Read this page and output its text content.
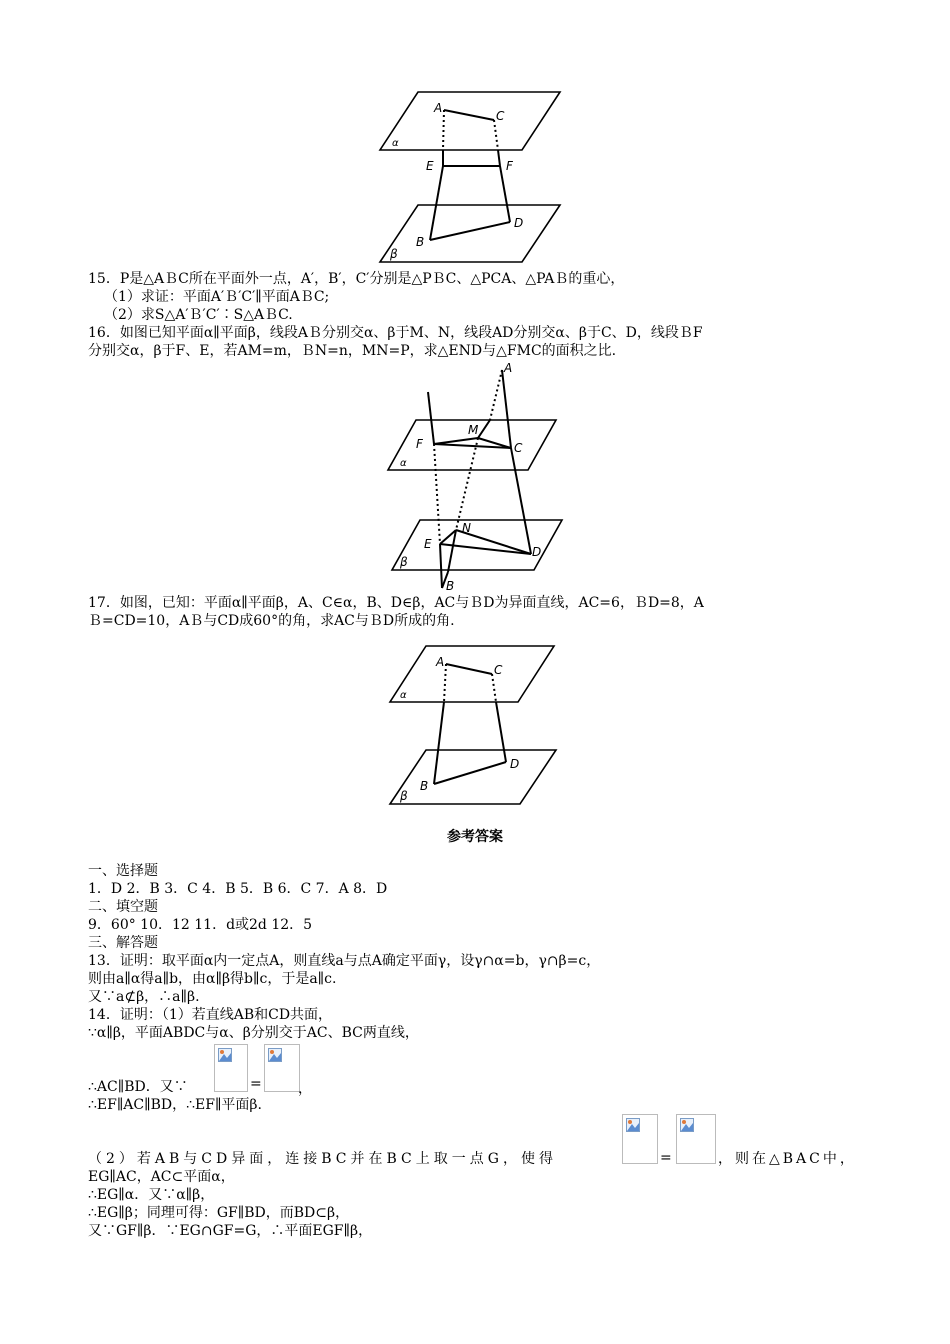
A
C
α
E	F
B
D
β
15．P是△AＢC所在平面外一点，A′，B′，C′分别是△PＢC、△PCA、△PAＢ的重心，
（1）求证：平面A′Ｂ′C′∥平面AＢC;
（2）求S△A′Ｂ′C′∶S△AＢC.
16．如图已知平面α∥平面β，线段AＢ分别交α、β于M、N，线段AD分别交α、β于C、D，线段ＢF
分别交α，β于F、E，若AM=m，ＢN=n，MN=P，求△END与△FMC的面积之比.
A
F
M
C
α
E
N
D
β
B
17．如图，已知：平面α∥平面β，A、C∈α，B、D∈β，AC与ＢD为异面直线，AC=6，ＢD=8，A
Ｂ=CD=10，AＢ与CD成60°的角，求AC与ＢD所成的角.
A
C
α
B
D
β
参考答案
一、选择题
1．D 2．B 3．C 4．B 5．B 6．C 7．A 8．D
二、填空题
9．60° 10．12 11．d或2d 12．5
三、解答题
13．证明：取平面α内一定点A，则直线a与点A确定平面γ，设γ∩α=b，γ∩β=c，
则由a∥α得a∥b，由α∥β得b∥c，于是a∥c.
又∵a⊄β，∴a∥β.
14．证明：（1）若直线AB和CD共面，
∵α∥β，平面ABDC与α、β分别交于AC、BC两直线，
=
∴AC∥BD．又∵	，
∴EF∥AC∥BD，∴EF∥平面β.
=
（2）若AB与CD异面，连接BC并在BC上取一点G，使得	，则在△BAC中，
EG∥AC，AC⊂平面α，
∴EG∥α．又∵α∥β，
∴EG∥β；同理可得：GF∥BD，而BD⊂β，
又∵GF∥β．∵EG∩GF=G，∴平面EGF∥β，
